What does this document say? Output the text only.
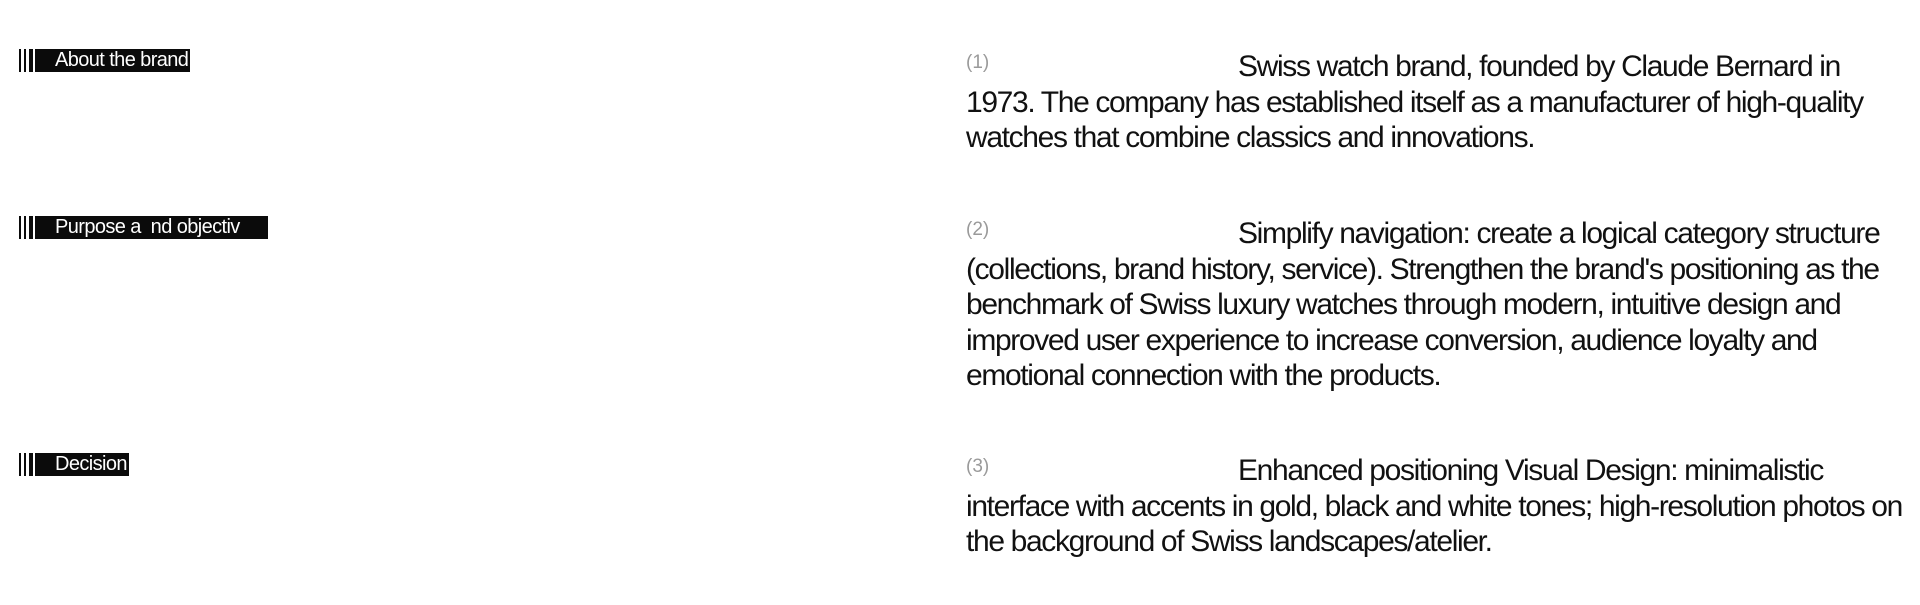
About the brand	(1)	Swiss watch brand, founded by Claude Bernard in 1973. The company has established itself as a manufacturer of high-quality watches that combine classics and innovations.

Purpose a  nd objectiv	(2)	Simplify navigation: create a logical category structure (collections, brand history, service). Strengthen the brand's positioning as the benchmark of Swiss luxury watches through modern, intuitive design and improved user experience to increase conversion, audience loyalty and emotional connection with the products.

Decision	(3)	Enhanced positioning Visual Design: minimalistic interface with accents in gold, black and white tones; high-resolution photos on the background of Swiss landscapes/atelier.
